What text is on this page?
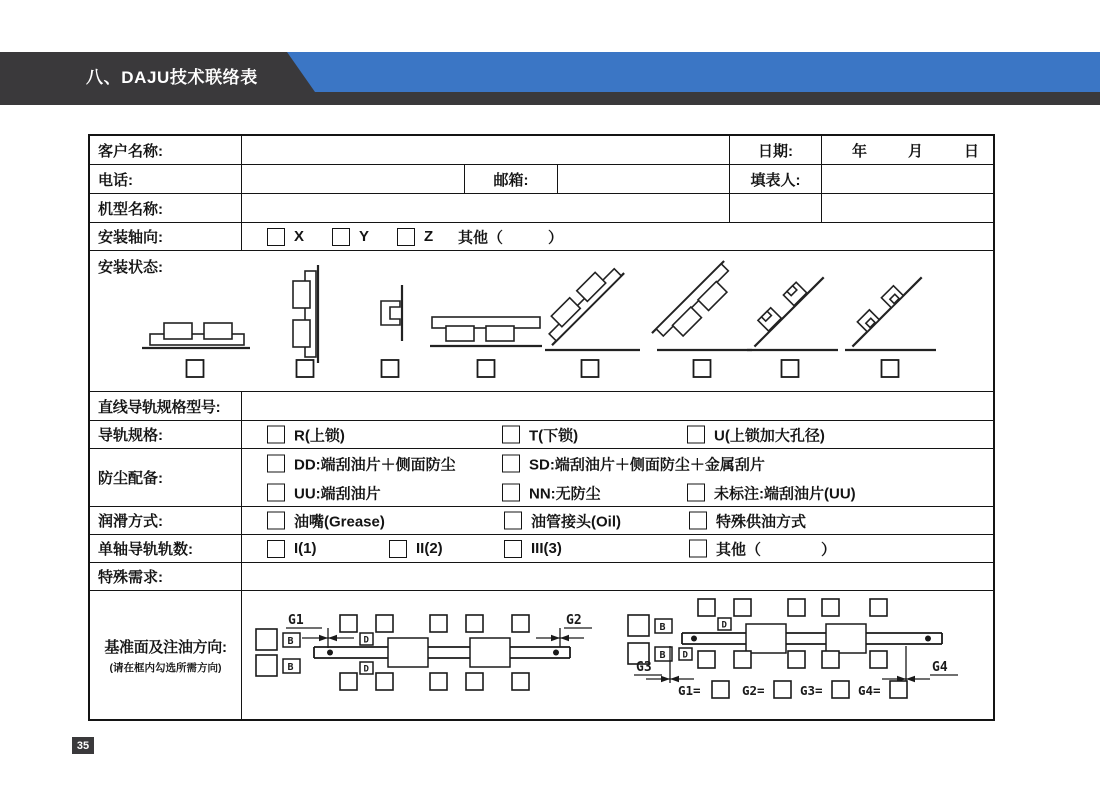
八、DAJU技术联络表
客户名称:	日期:	年	月	日
电话:	邮箱:	填表人:
机型名称:
安装轴向:	X	Y	Z 其他（　　　）
安装状态:
直线导轨规格型号:
导轨规格:	R(上锁)	T(下锁)	U(上锁加大孔径)
防尘配备:
DD:端刮油片＋侧面防尘	SD:端刮油片＋侧面防尘＋金属刮片
UU:端刮油片	NN:无防尘	未标注:端刮油片(UU)
润滑方式:	油嘴(Grease)	油管接头(Oil)	特殊供油方式
单轴导轨轨数:	I(1)	II(2)	III(3)	其他（　　　　）
特殊需求:
基准面及注油方向:
(请在框内勾选所需方向)
G1
D
D
B
B
G2	B
B
D
D
G3	G4
G1=	G2=	G3=	G4=
35
